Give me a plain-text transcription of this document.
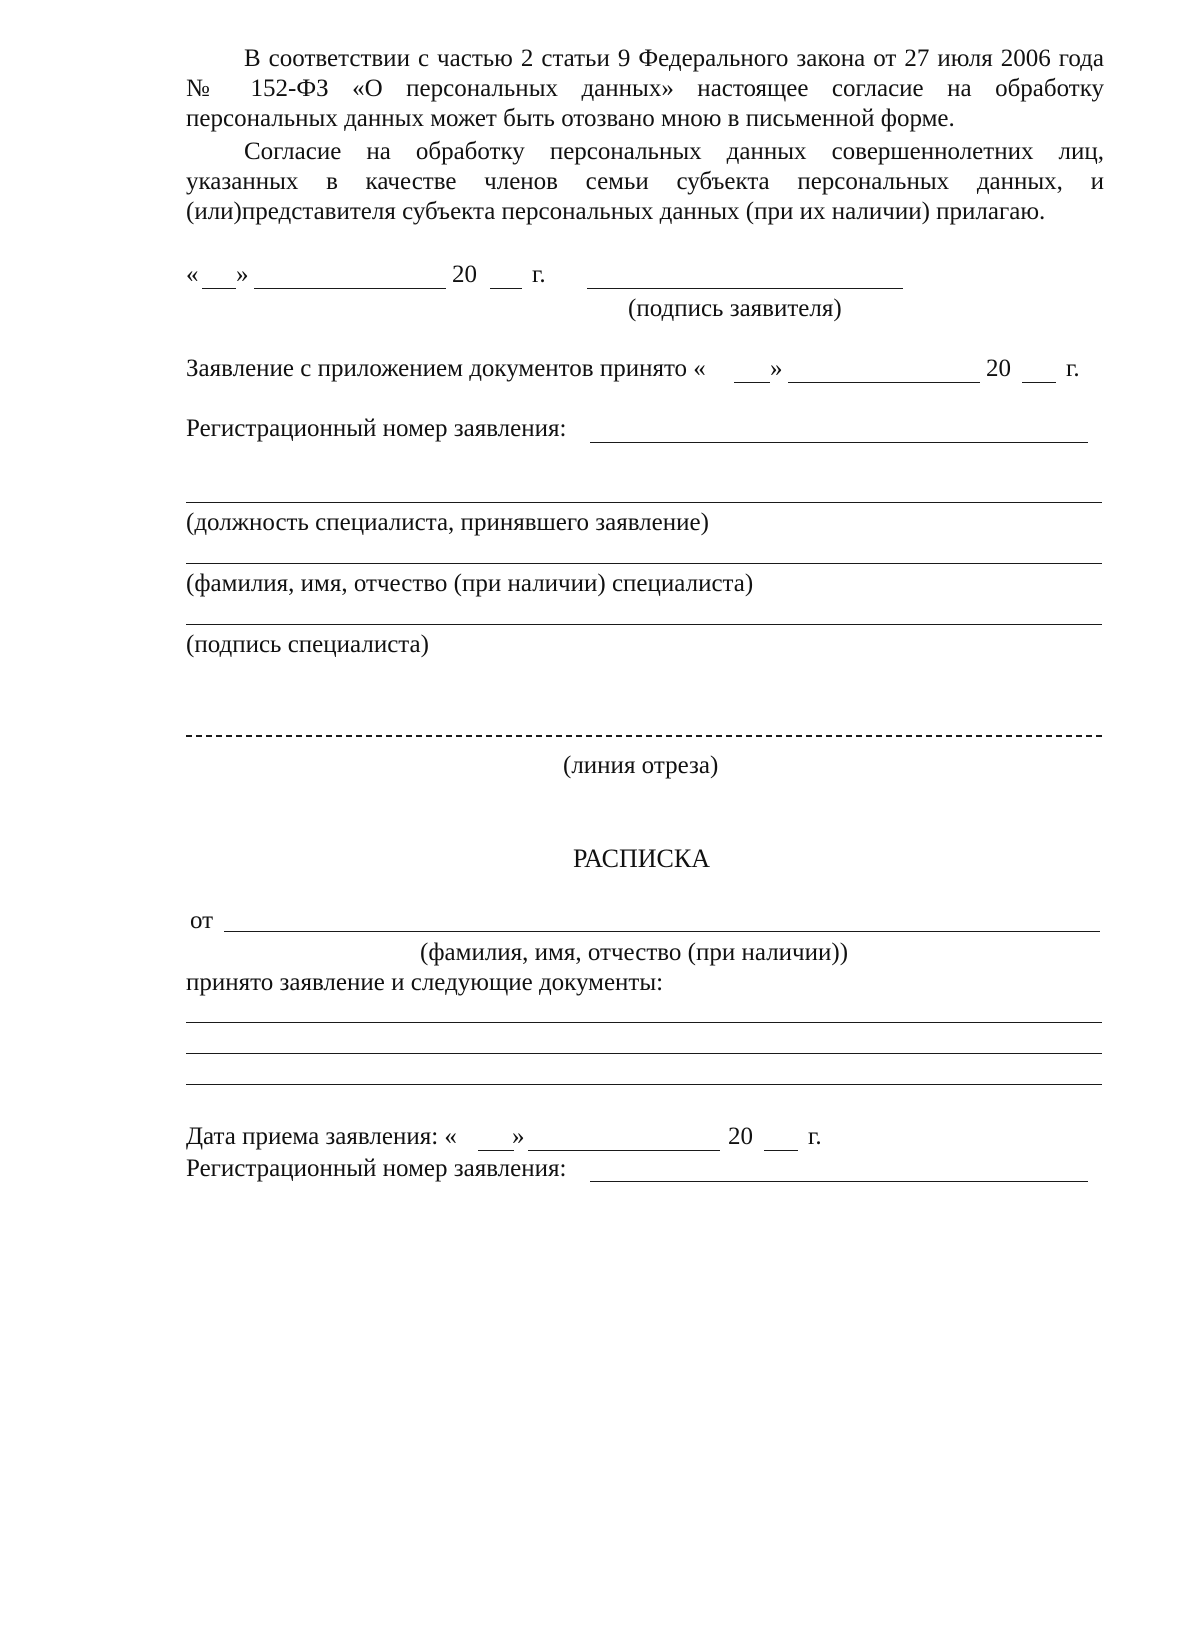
В соответствии с частью 2 статьи 9 Федерального закона от 27 июля 2006 года
№ 152-ФЗ «О персональных данных» настоящее согласие на обработку
персональных данных может быть отозвано мною в письменной форме.
Согласие на обработку персональных данных совершеннолетних лиц,
указанных в качестве членов семьи субъекта персональных данных, и
(или)представителя субъекта персональных данных (при их наличии) прилагаю.
« »	20 г.
(подпись заявителя)
Заявление с приложением документов принято «	»	20 г.
Регистрационный номер заявления:
(должность специалиста, принявшего заявление)
(фамилия, имя, отчество (при наличии) специалиста)
(подпись специалиста)
(линия отреза)
РАСПИСКА
от
(фамилия, имя, отчество (при наличии))
принято заявление и следующие документы:
Дата приема заявления: « »	20 г.
Регистрационный номер заявления:
